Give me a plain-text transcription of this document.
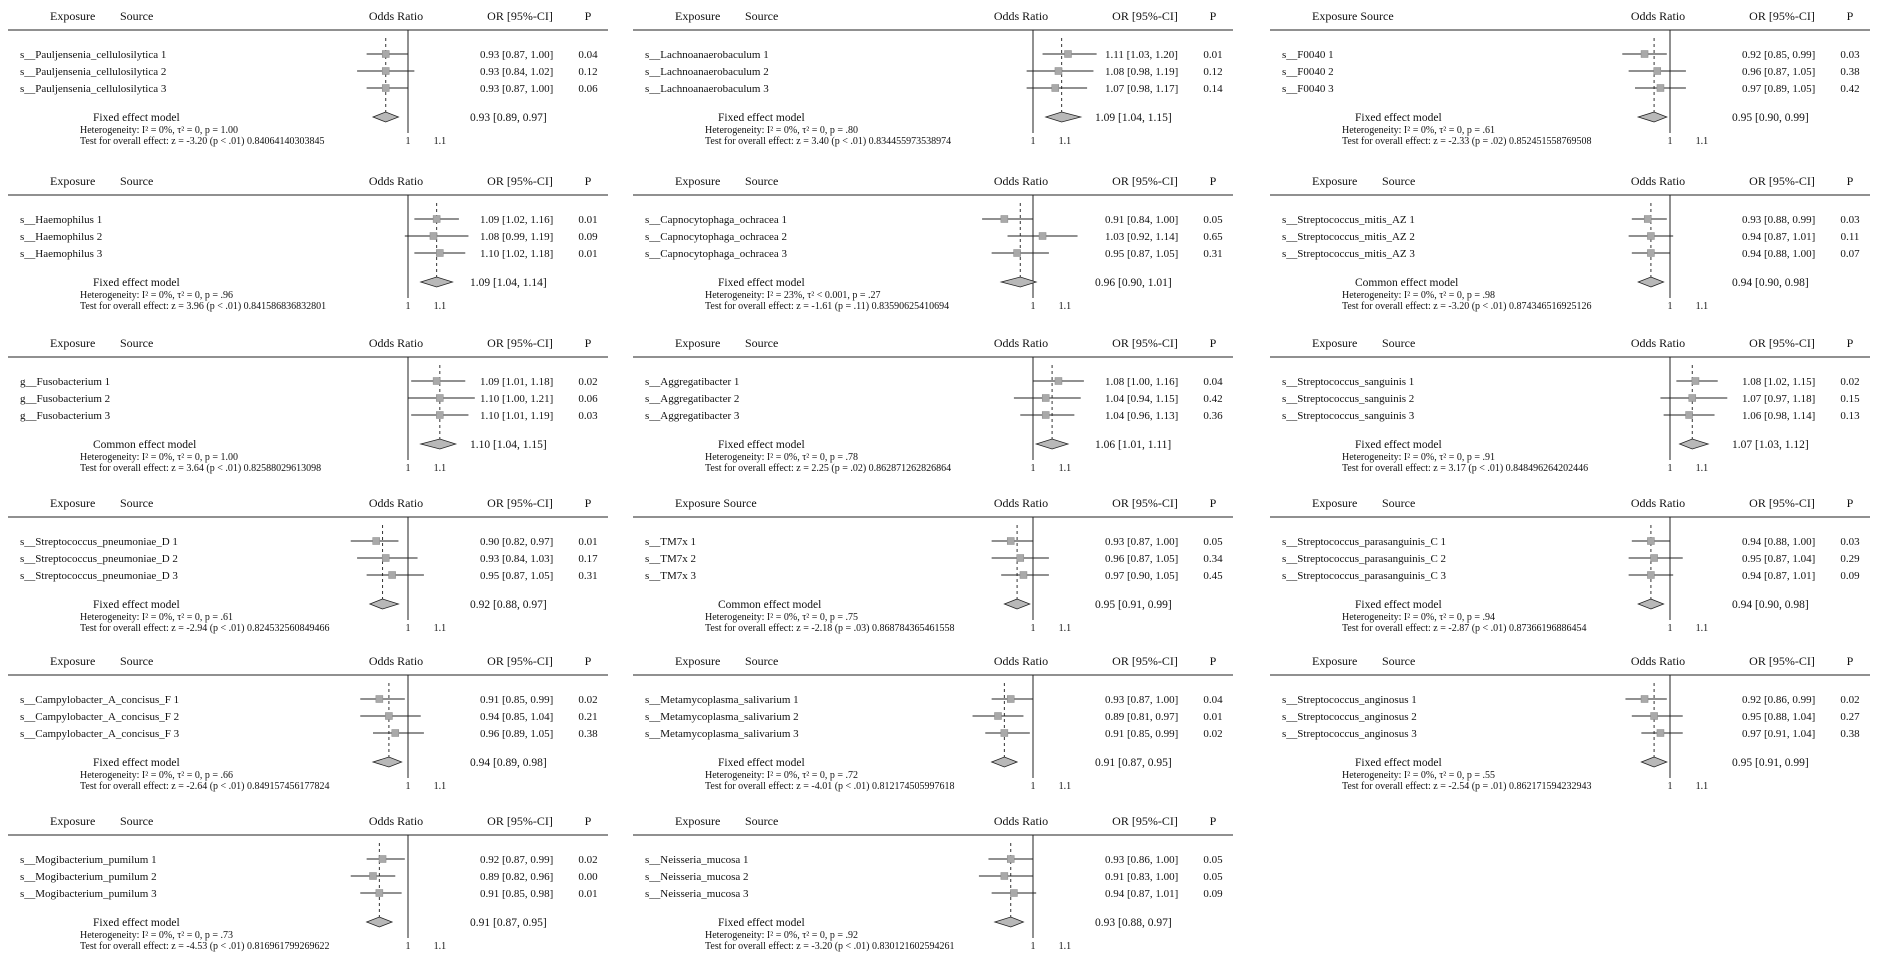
Exposure Source	Odds Ratio	OR [95%-CI]	P
s__Pauljensenia_cellulosilytica 1	0.93 [0.87, 1.00] 0.04
s__Pauljensenia_cellulosilytica 2	0.93 [0.84, 1.02] 0.12
s__Pauljensenia_cellulosilytica 3	0.93 [0.87, 1.00] 0.06
Fixed effect model	0.93 [0.89, 0.97]
Heterogeneity: I² = 0%, τ² = 0, p = 1.00
Test for overall effect: z = -3.20 (p < .01) 0.84064140303845	1 1.1
Exposure Source	Odds Ratio	OR [95%-CI]	P
s__Lachnoanaerobaculum 1	1.11 [1.03, 1.20] 0.01
s__Lachnoanaerobaculum 2	1.08 [0.98, 1.19] 0.12
s__Lachnoanaerobaculum 3	1.07 [0.98, 1.17] 0.14
Fixed effect model	1.09 [1.04, 1.15]
Heterogeneity: I² = 0%, τ² = 0, p = .80
Test for overall effect: z = 3.40 (p < .01) 0.834455973538974	1 1.1
Exposure Source	Odds Ratio	OR [95%-CI]	P
s__F0040 1	0.92 [0.85, 0.99] 0.03
s__F0040 2	0.96 [0.87, 1.05] 0.38
s__F0040 3	0.97 [0.89, 1.05] 0.42
Fixed effect model	0.95 [0.90, 0.99]
Heterogeneity: I² = 0%, τ² = 0, p = .61
Test for overall effect: z = -2.33 (p = .02) 0.852451558769508	1 1.1
Exposure Source	Odds Ratio	OR [95%-CI]	P
s__Haemophilus 1	1.09 [1.02, 1.16] 0.01
s__Haemophilus 2	1.08 [0.99, 1.19] 0.09
s__Haemophilus 3	1.10 [1.02, 1.18] 0.01
Fixed effect model	1.09 [1.04, 1.14]
Heterogeneity: I² = 0%, τ² = 0, p = .96
Test for overall effect: z = 3.96 (p < .01) 0.841586836832801	1 1.1
Exposure Source	Odds Ratio	OR [95%-CI]	P
s__Capnocytophaga_ochracea 1	0.91 [0.84, 1.00] 0.05
s__Capnocytophaga_ochracea 2	1.03 [0.92, 1.14] 0.65
s__Capnocytophaga_ochracea 3	0.95 [0.87, 1.05] 0.31
Fixed effect model	0.96 [0.90, 1.01]
Heterogeneity: I² = 23%, τ² < 0.001, p = .27
Test for overall effect: z = -1.61 (p = .11) 0.83590625410694	1 1.1
Exposure Source	Odds Ratio	OR [95%-CI]	P
s__Streptococcus_mitis_AZ 1	0.93 [0.88, 0.99] 0.03
s__Streptococcus_mitis_AZ 2	0.94 [0.87, 1.01] 0.11
s__Streptococcus_mitis_AZ 3	0.94 [0.88, 1.00] 0.07
Common effect model	0.94 [0.90, 0.98]
Heterogeneity: I² = 0%, τ² = 0, p = .98
Test for overall effect: z = -3.20 (p < .01) 0.874346516925126	1 1.1
Exposure Source	Odds Ratio	OR [95%-CI]	P
g__Fusobacterium 1	1.09 [1.01, 1.18] 0.02
g__Fusobacterium 2	1.10 [1.00, 1.21] 0.06
g__Fusobacterium 3	1.10 [1.01, 1.19] 0.03
Common effect model	1.10 [1.04, 1.15]
Heterogeneity: I² = 0%, τ² = 0, p = 1.00
Test for overall effect: z = 3.64 (p < .01) 0.82588029613098	1 1.1
Exposure Source	Odds Ratio	OR [95%-CI]	P
s__Aggregatibacter 1	1.08 [1.00, 1.16] 0.04
s__Aggregatibacter 2	1.04 [0.94, 1.15] 0.42
s__Aggregatibacter 3	1.04 [0.96, 1.13] 0.36
Fixed effect model	1.06 [1.01, 1.11]
Heterogeneity: I² = 0%, τ² = 0, p = .78
Test for overall effect: z = 2.25 (p = .02) 0.862871262826864	1 1.1
Exposure Source	Odds Ratio	OR [95%-CI]	P
s__Streptococcus_sanguinis 1	1.08 [1.02, 1.15] 0.02
s__Streptococcus_sanguinis 2	1.07 [0.97, 1.18] 0.15
s__Streptococcus_sanguinis 3	1.06 [0.98, 1.14] 0.13
Fixed effect model	1.07 [1.03, 1.12]
Heterogeneity: I² = 0%, τ² = 0, p = .91
Test for overall effect: z = 3.17 (p < .01) 0.848496264202446	1 1.1
Exposure Source	Odds Ratio	OR [95%-CI]	P
s__Streptococcus_pneumoniae_D 1	0.90 [0.82, 0.97] 0.01
s__Streptococcus_pneumoniae_D 2	0.93 [0.84, 1.03] 0.17
s__Streptococcus_pneumoniae_D 3	0.95 [0.87, 1.05] 0.31
Fixed effect model	0.92 [0.88, 0.97]
Heterogeneity: I² = 0%, τ² = 0, p = .61
Test for overall effect: z = -2.94 (p < .01) 0.824532560849466	1 1.1
Exposure Source	Odds Ratio	OR [95%-CI]	P
s__TM7x 1	0.93 [0.87, 1.00] 0.05
s__TM7x 2	0.96 [0.87, 1.05] 0.34
s__TM7x 3	0.97 [0.90, 1.05] 0.45
Common effect model	0.95 [0.91, 0.99]
Heterogeneity: I² = 0%, τ² = 0, p = .75
Test for overall effect: z = -2.18 (p = .03) 0.868784365461558	1 1.1
Exposure Source	Odds Ratio	OR [95%-CI]	P
s__Streptococcus_parasanguinis_C 1	0.94 [0.88, 1.00] 0.03
s__Streptococcus_parasanguinis_C 2	0.95 [0.87, 1.04] 0.29
s__Streptococcus_parasanguinis_C 3	0.94 [0.87, 1.01] 0.09
Fixed effect model	0.94 [0.90, 0.98]
Heterogeneity: I² = 0%, τ² = 0, p = .94
Test for overall effect: z = -2.87 (p < .01) 0.87366196886454	1 1.1
Exposure Source	Odds Ratio	OR [95%-CI]	P
s__Campylobacter_A_concisus_F 1	0.91 [0.85, 0.99] 0.02
s__Campylobacter_A_concisus_F 2	0.94 [0.85, 1.04] 0.21
s__Campylobacter_A_concisus_F 3	0.96 [0.89, 1.05] 0.38
Fixed effect model	0.94 [0.89, 0.98]
Heterogeneity: I² = 0%, τ² = 0, p = .66
Test for overall effect: z = -2.64 (p < .01) 0.849157456177824	1 1.1
Exposure Source	Odds Ratio	OR [95%-CI]	P
s__Metamycoplasma_salivarium 1	0.93 [0.87, 1.00] 0.04
s__Metamycoplasma_salivarium 2	0.89 [0.81, 0.97] 0.01
s__Metamycoplasma_salivarium 3	0.91 [0.85, 0.99] 0.02
Fixed effect model	0.91 [0.87, 0.95]
Heterogeneity: I² = 0%, τ² = 0, p = .72
Test for overall effect: z = -4.01 (p < .01) 0.812174505997618	1 1.1
Exposure Source	Odds Ratio	OR [95%-CI]	P
s__Streptococcus_anginosus 1	0.92 [0.86, 0.99] 0.02
s__Streptococcus_anginosus 2	0.95 [0.88, 1.04] 0.27
s__Streptococcus_anginosus 3	0.97 [0.91, 1.04] 0.38
Fixed effect model	0.95 [0.91, 0.99]
Heterogeneity: I² = 0%, τ² = 0, p = .55
Test for overall effect: z = -2.54 (p = .01) 0.862171594232943	1 1.1
Exposure Source	Odds Ratio	OR [95%-CI]	P
s__Mogibacterium_pumilum 1	0.92 [0.87, 0.99] 0.02
s__Mogibacterium_pumilum 2	0.89 [0.82, 0.96] 0.00
s__Mogibacterium_pumilum 3	0.91 [0.85, 0.98] 0.01
Fixed effect model	0.91 [0.87, 0.95]
Heterogeneity: I² = 0%, τ² = 0, p = .73
Test for overall effect: z = -4.53 (p < .01) 0.816961799269622	1 1.1
Exposure Source	Odds Ratio	OR [95%-CI]	P
s__Neisseria_mucosa 1	0.93 [0.86, 1.00] 0.05
s__Neisseria_mucosa 2	0.91 [0.83, 1.00] 0.05
s__Neisseria_mucosa 3	0.94 [0.87, 1.01] 0.09
Fixed effect model	0.93 [0.88, 0.97]
Heterogeneity: I² = 0%, τ² = 0, p = .92
Test for overall effect: z = -3.20 (p < .01) 0.830121602594261	1 1.1
